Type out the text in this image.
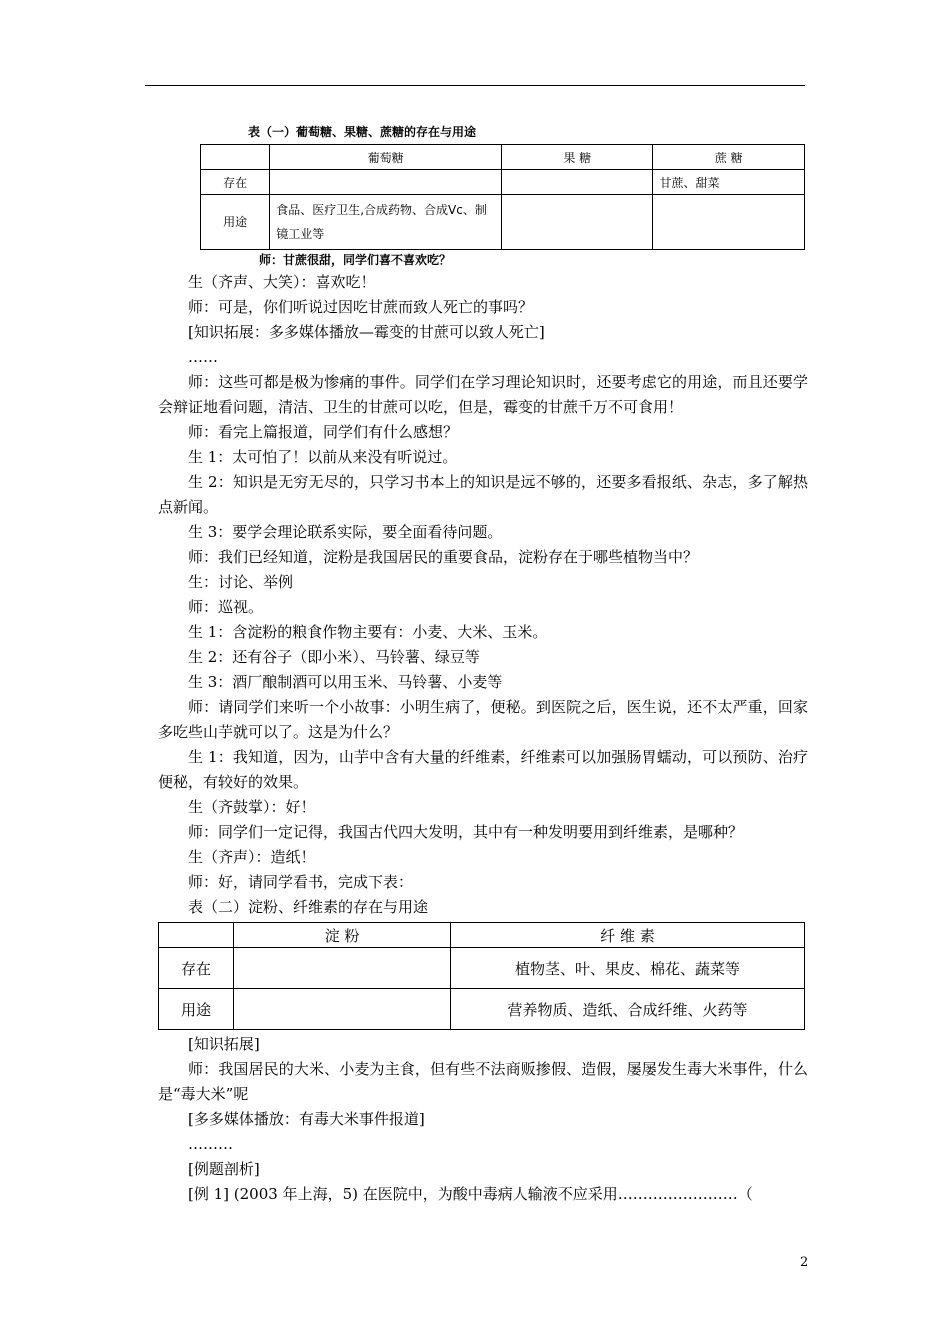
表（一）葡萄糖、果糖、蔗糖的存在与用途
	葡萄糖	果 糖	蔗 糖
存在			甘蔗、甜菜
用途	食品、医疗卫生,合成药物、合成Vc、制镜工业等		
师：甘蔗很甜，同学们喜不喜欢吃？

生（齐声、大笑）：喜欢吃！

师：可是，你们听说过因吃甘蔗而致人死亡的事吗？

[知识拓展：多多媒体播放—霉变的甘蔗可以致人死亡]

……

师：这些可都是极为惨痛的事件。同学们在学习理论知识时，还要考虑它的用途，而且还要学会辩证地看问题，清洁、卫生的甘蔗可以吃，但是，霉变的甘蔗千万不可食用！

师：看完上篇报道，同学们有什么感想？

生 1：太可怕了！以前从来没有听说过。

生 2：知识是无穷无尽的，只学习书本上的知识是远不够的，还要多看报纸、杂志，多了解热点新闻。

生 3：要学会理论联系实际，要全面看待问题。

师：我们已经知道，淀粉是我国居民的重要食品，淀粉存在于哪些植物当中？

生：讨论、举例

师：巡视。

生 1：含淀粉的粮食作物主要有：小麦、大米、玉米。

生 2：还有谷子（即小米）、马铃薯、绿豆等

生 3：酒厂酿制酒可以用玉米、马铃薯、小麦等

师：请同学们来听一个小故事：小明生病了，便秘。到医院之后，医生说，还不太严重，回家多吃些山芋就可以了。这是为什么？

生 1：我知道，因为，山芋中含有大量的纤维素，纤维素可以加强肠胃蠕动，可以预防、治疗便秘，有较好的效果。

生（齐鼓掌）：好！

师：同学们一定记得，我国古代四大发明，其中有一种发明要用到纤维素，是哪种？

生（齐声）：造纸！

师：好，请同学看书，完成下表：

表（二）淀粉、纤维素的存在与用途

	淀 粉	纤 维 素
存在		植物茎、叶、果皮、棉花、蔬菜等
用途		营养物质、造纸、合成纤维、火药等

[知识拓展]

师：我国居民的大米、小麦为主食，但有些不法商贩掺假、造假，屡屡发生毒大米事件，什么是“毒大米”呢

[多多媒体播放：有毒大米事件报道]

………

[例题剖析]

[例 1] (2003 年上海，5) 在医院中，为酸中毒病人输液不应采用……………………（

2
